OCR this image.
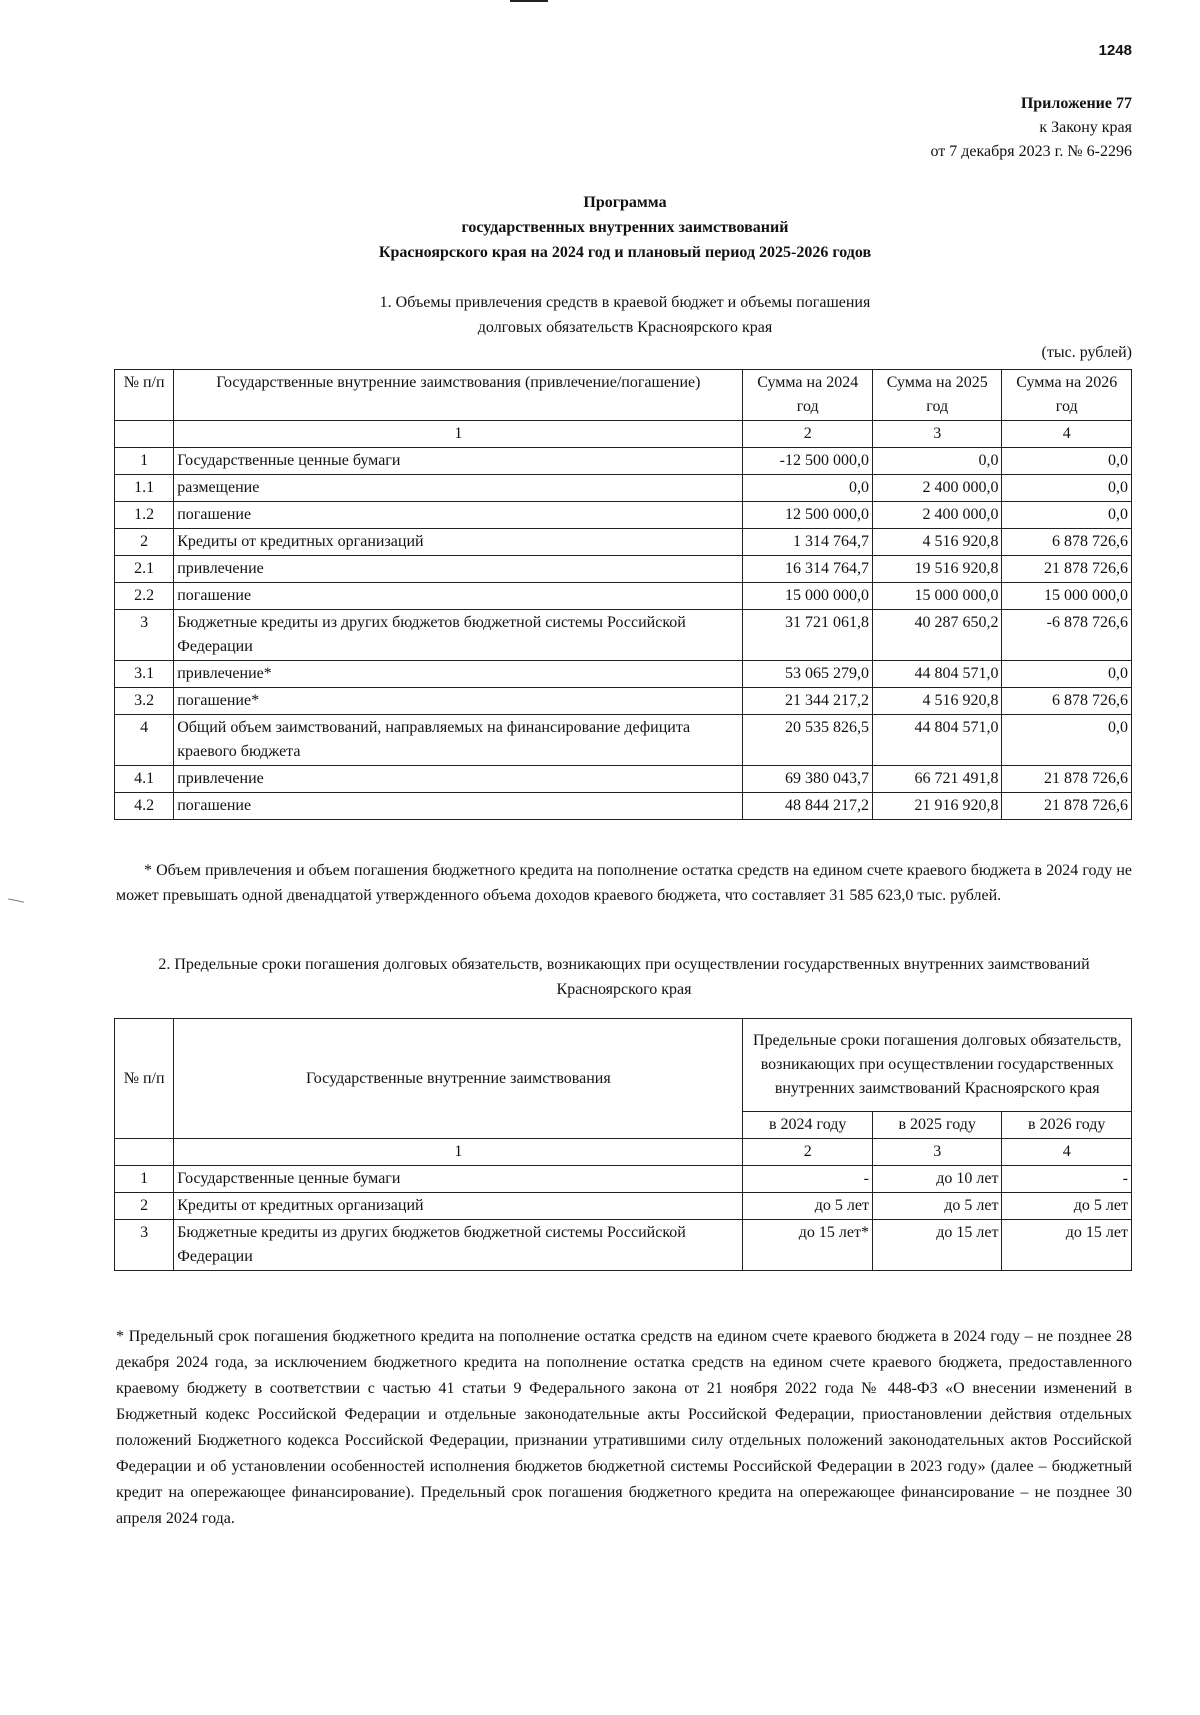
1248
Приложение 77
к Закону края
от 7 декабря 2023 г. № 6-2296
Программа
государственных внутренних заимствований
Красноярского края на 2024 год и плановый период 2025-2026 годов
1. Объемы привлечения средств в краевой бюджет и объемы погашения
долговых обязательств Красноярского края
(тыс. рублей)
№ п/п	Государственные внутренние заимствования (привлечение/погашение)	Сумма на 2024 год	Сумма на 2025 год	Сумма на 2026 год
	1	2	3	4
1	Государственные ценные бумаги	-12 500 000,0	0,0	0,0
1.1	размещение	0,0	2 400 000,0	0,0
1.2	погашение	12 500 000,0	2 400 000,0	0,0
2	Кредиты от кредитных организаций	1 314 764,7	4 516 920,8	6 878 726,6
2.1	привлечение	16 314 764,7	19 516 920,8	21 878 726,6
2.2	погашение	15 000 000,0	15 000 000,0	15 000 000,0
3	Бюджетные кредиты из других бюджетов бюджетной системы Российской Федерации	31 721 061,8	40 287 650,2	-6 878 726,6
3.1	привлечение*	53 065 279,0	44 804 571,0	0,0
3.2	погашение*	21 344 217,2	4 516 920,8	6 878 726,6
4	Общий объем заимствований, направляемых на финансирование дефицита краевого бюджета	20 535 826,5	44 804 571,0	0,0
4.1	привлечение	69 380 043,7	66 721 491,8	21 878 726,6
4.2	погашение	48 844 217,2	21 916 920,8	21 878 726,6
* Объем привлечения и объем погашения бюджетного кредита на пополнение остатка средств на едином счете краевого бюджета в 2024 году не может превышать одной двенадцатой утвержденного объема доходов краевого бюджета, что составляет 31 585 623,0 тыс. рублей.
2. Предельные сроки погашения долговых обязательств, возникающих при осуществлении государственных внутренних заимствований Красноярского края
№ п/п	Государственные внутренние заимствования	Предельные сроки погашения долговых обязательств, возникающих при осуществлении государственных внутренних заимствований Красноярского края		
		в 2024 году	в 2025 году	в 2026 году
	1	2	3	4
1	Государственные ценные бумаги	-	до 10 лет	-
2	Кредиты от кредитных организаций	до 5 лет	до 5 лет	до 5 лет
3	Бюджетные кредиты из других бюджетов бюджетной системы Российской Федерации	до 15 лет*	до 15 лет	до 15 лет
* Предельный срок погашения бюджетного кредита на пополнение остатка средств на едином счете краевого бюджета в 2024 году – не позднее 28 декабря 2024 года, за исключением бюджетного кредита на пополнение остатка средств на едином счете краевого бюджета, предоставленного краевому бюджету в соответствии с частью 41 статьи 9 Федерального закона от 21 ноября 2022 года № 448-ФЗ «О внесении изменений в Бюджетный кодекс Российской Федерации и отдельные законодательные акты Российской Федерации, приостановлении действия отдельных положений Бюджетного кодекса Российской Федерации, признании утратившими силу отдельных положений законодательных актов Российской Федерации и об установлении особенностей исполнения бюджетов бюджетной системы Российской Федерации в 2023 году» (далее – бюджетный кредит на опережающее финансирование). Предельный срок погашения бюджетного кредита на опережающее финансирование – не позднее 30 апреля 2024 года.
